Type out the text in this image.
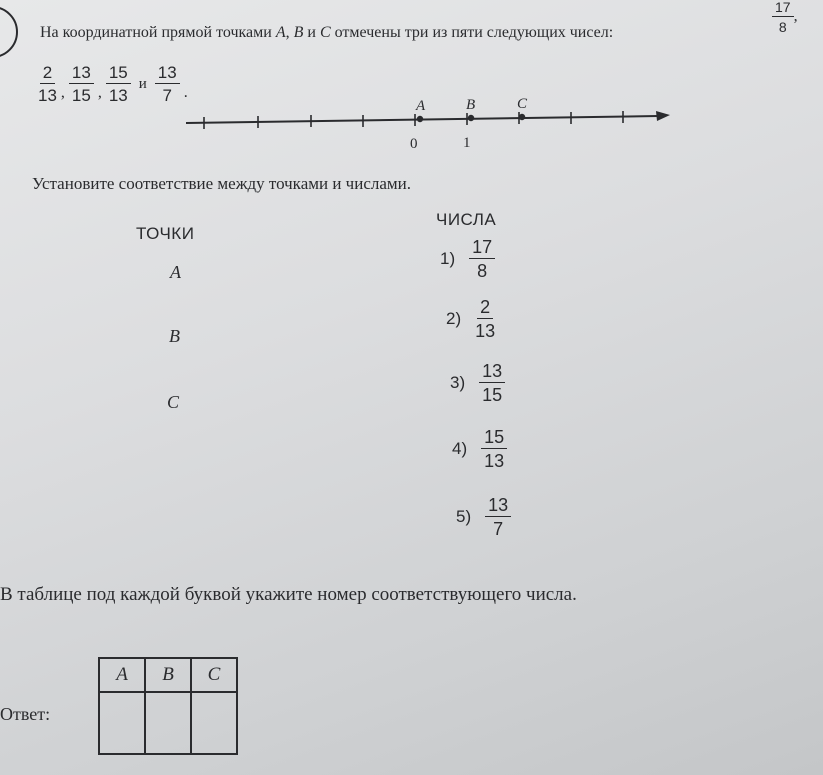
На координатной прямой точками A, B и C отмечены три из пяти следующих чисел:	$\frac{17}{8}$ ,
$\frac{2}{13}$ , $\frac{13}{15}$ , $\frac{15}{13}$ и $\frac{13}{7}$ .
A	B	C
0	1
Установите соответствие между точками и числами.
ТОЧКИ
ЧИСЛА
A
B
C
$1) \frac{17}{8}$
$2) \frac{2}{13}$
$3) \frac{13}{15}$
$4) \frac{15}{13}$
$5) \frac{13}{7}$
В таблице под каждой буквой укажите номер соответствующего числа.
Ответ:
A	B	C
